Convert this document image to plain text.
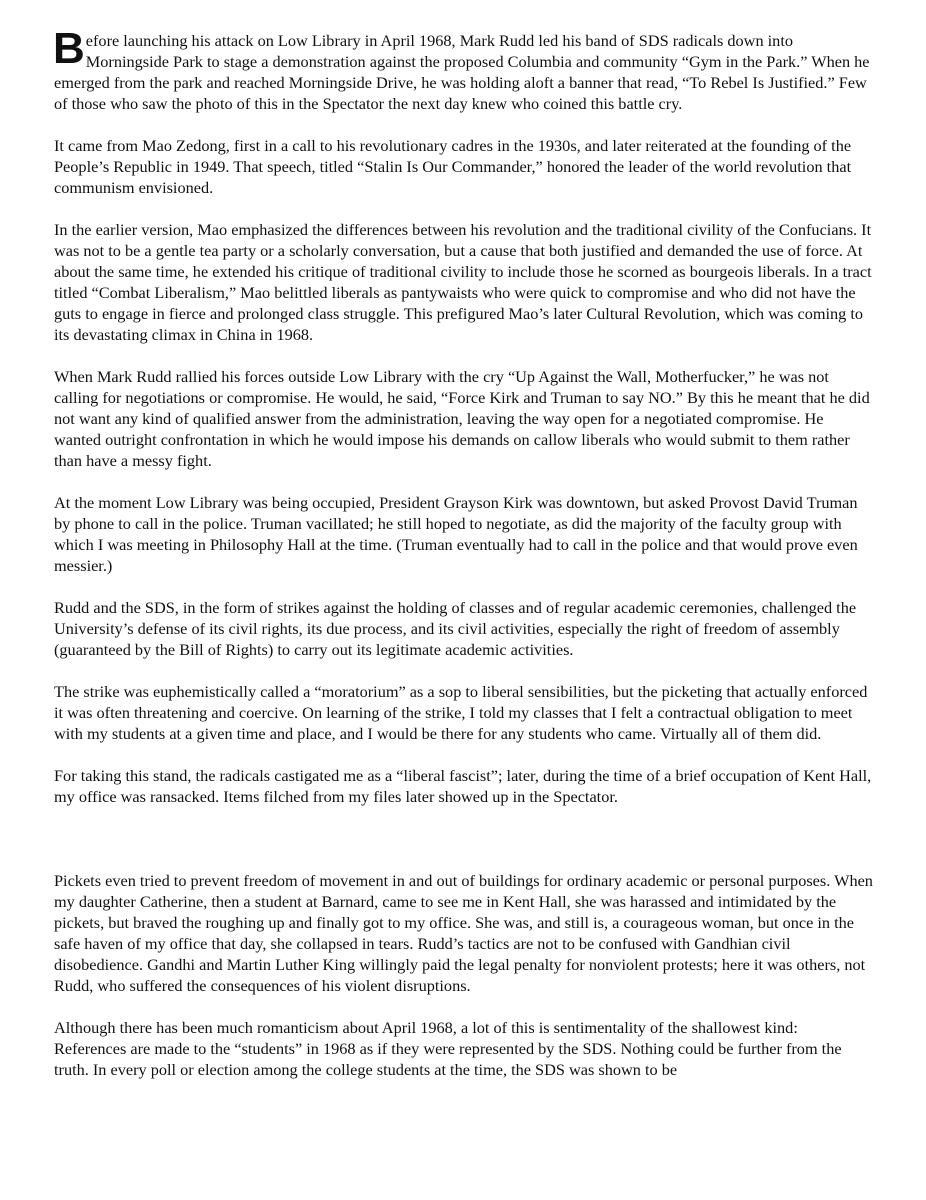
Before launching his attack on Low Library in April 1968, Mark Rudd led his band of SDS radicals down into Morningside Park to stage a demonstration against the proposed Columbia and community “Gym in the Park.” When he emerged from the park and reached Morningside Drive, he was holding aloft a banner that read, “To Rebel Is Justified.” Few of those who saw the photo of this in the Spectator the next day knew who coined this battle cry.

It came from Mao Zedong, first in a call to his revolutionary cadres in the 1930s, and later reiterated at the founding of the People’s Republic in 1949. That speech, titled “Stalin Is Our Commander,” honored the leader of the world revolution that communism envisioned.

In the earlier version, Mao emphasized the differences between his revolution and the traditional civility of the Confucians. It was not to be a gentle tea party or a scholarly conversation, but a cause that both justified and demanded the use of force. At about the same time, he extended his critique of traditional civility to include those he scorned as bourgeois liberals. In a tract titled “Combat Liberalism,” Mao belittled liberals as pantywaists who were quick to compromise and who did not have the guts to engage in fierce and prolonged class struggle. This prefigured Mao’s later Cultural Revolution, which was coming to its devastating climax in China in 1968.

When Mark Rudd rallied his forces outside Low Library with the cry “Up Against the Wall, Motherfucker,” he was not calling for negotiations or compromise. He would, he said, “Force Kirk and Truman to say NO.” By this he meant that he did not want any kind of qualified answer from the administration, leaving the way open for a negotiated compromise. He wanted outright confrontation in which he would impose his demands on callow liberals who would submit to them rather than have a messy fight.

At the moment Low Library was being occupied, President Grayson Kirk was downtown, but asked Provost David Truman by phone to call in the police. Truman vacillated; he still hoped to negotiate, as did the majority of the faculty group with which I was meeting in Philosophy Hall at the time. (Truman eventually had to call in the police and that would prove even messier.)

Rudd and the SDS, in the form of strikes against the holding of classes and of regular academic ceremonies, challenged the University’s defense of its civil rights, its due process, and its civil activities, especially the right of freedom of assembly (guaranteed by the Bill of Rights) to carry out its legitimate academic activities.

The strike was euphemistically called a “moratorium” as a sop to liberal sensibilities, but the picketing that actually enforced it was often threatening and coercive. On learning of the strike, I told my classes that I felt a contractual obligation to meet with my students at a given time and place, and I would be there for any students who came. Virtually all of them did.

For taking this stand, the radicals castigated me as a “liberal fascist”; later, during the time of a brief occupation of Kent Hall, my office was ransacked. Items filched from my files later showed up in the Spectator.

Pickets even tried to prevent freedom of movement in and out of buildings for ordinary academic or personal purposes. When my daughter Catherine, then a student at Barnard, came to see me in Kent Hall, she was harassed and intimidated by the pickets, but braved the roughing up and finally got to my office. She was, and still is, a courageous woman, but once in the safe haven of my office that day, she collapsed in tears. Rudd’s tactics are not to be confused with Gandhian civil disobedience. Gandhi and Martin Luther King willingly paid the legal penalty for nonviolent protests; here it was others, not Rudd, who suffered the consequences of his violent disruptions.

Although there has been much romanticism about April 1968, a lot of this is sentimentality of the shallowest kind: References are made to the “students” in 1968 as if they were represented by the SDS. Nothing could be further from the truth. In every poll or election among the college students at the time, the SDS was shown to be
